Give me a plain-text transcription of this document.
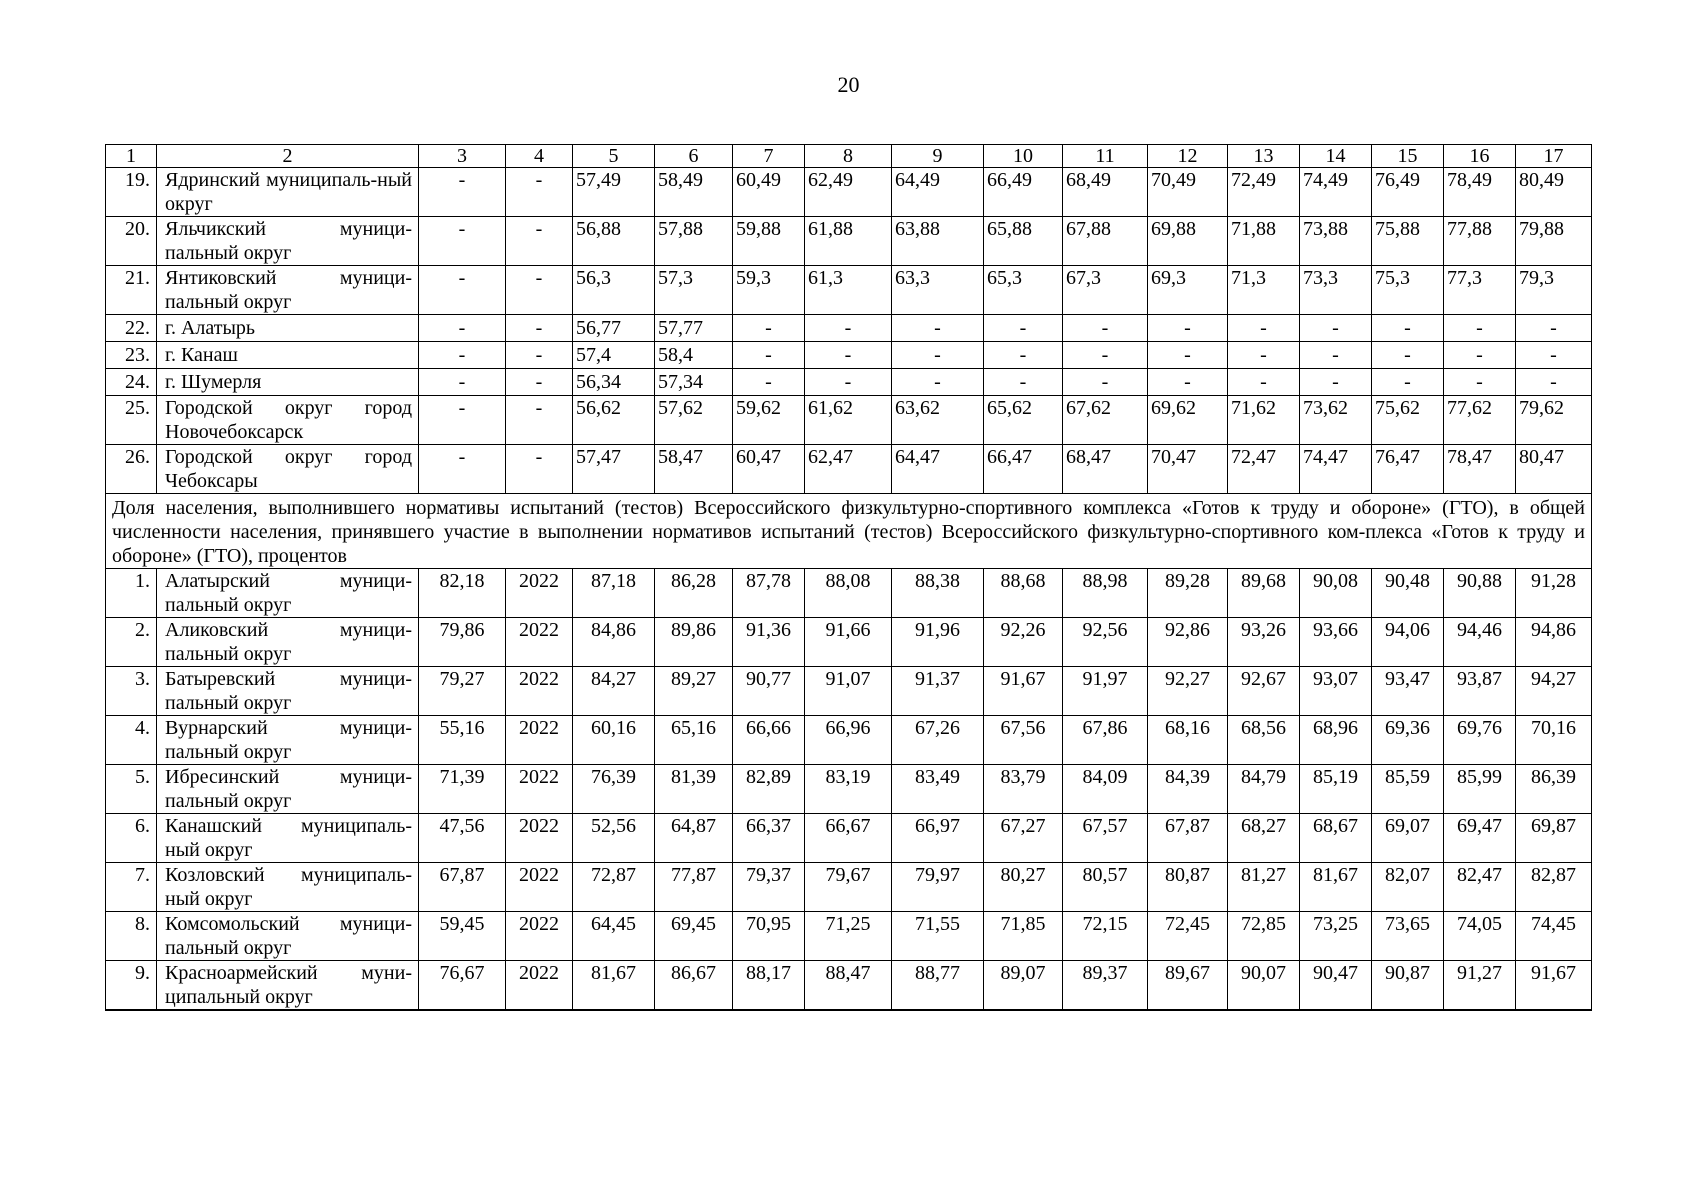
20
1	2	3	4	5	6	7	8	9	10	11	12	13	14	15	16	17
19.	Ядринский муниципаль-ный округ	-	-	57,49	58,49	60,49	62,49	64,49	66,49	68,49	70,49	72,49	74,49	76,49	78,49	80,49
20.	Яльчикский муници-пальный округ	-	-	56,88	57,88	59,88	61,88	63,88	65,88	67,88	69,88	71,88	73,88	75,88	77,88	79,88
21.	Янтиковский муници-пальный округ	-	-	56,3	57,3	59,3	61,3	63,3	65,3	67,3	69,3	71,3	73,3	75,3	77,3	79,3
22.	г. Алатырь	-	-	56,77	57,77	-	-	-	-	-	-	-	-	-	-	-
23.	г. Канаш	-	-	57,4	58,4	-	-	-	-	-	-	-	-	-	-	-
24.	г. Шумерля	-	-	56,34	57,34	-	-	-	-	-	-	-	-	-	-	-
25.	Городской округ город Новочебоксарск	-	-	56,62	57,62	59,62	61,62	63,62	65,62	67,62	69,62	71,62	73,62	75,62	77,62	79,62
26.	Городской округ город Чебоксары	-	-	57,47	58,47	60,47	62,47	64,47	66,47	68,47	70,47	72,47	74,47	76,47	78,47	80,47
Доля населения, выполнившего нормативы испытаний (тестов) Всероссийского физкультурно-спортивного комплекса «Готов к труду и обороне» (ГТО), в общей численности населения, принявшего участие в выполнении нормативов испытаний (тестов) Всероссийского физкультурно-спортивного ком-плекса «Готов к труду и обороне» (ГТО), процентов																
1.	Алатырский муници-пальный округ	82,18	2022	87,18	86,28	87,78	88,08	88,38	88,68	88,98	89,28	89,68	90,08	90,48	90,88	91,28
2.	Аликовский муници-пальный округ	79,86	2022	84,86	89,86	91,36	91,66	91,96	92,26	92,56	92,86	93,26	93,66	94,06	94,46	94,86
3.	Батыревский муници-пальный округ	79,27	2022	84,27	89,27	90,77	91,07	91,37	91,67	91,97	92,27	92,67	93,07	93,47	93,87	94,27
4.	Вурнарский муници-пальный округ	55,16	2022	60,16	65,16	66,66	66,96	67,26	67,56	67,86	68,16	68,56	68,96	69,36	69,76	70,16
5.	Ибресинский муници-пальный округ	71,39	2022	76,39	81,39	82,89	83,19	83,49	83,79	84,09	84,39	84,79	85,19	85,59	85,99	86,39
6.	Канашский муниципаль-ный округ	47,56	2022	52,56	64,87	66,37	66,67	66,97	67,27	67,57	67,87	68,27	68,67	69,07	69,47	69,87
7.	Козловский муниципаль-ный округ	67,87	2022	72,87	77,87	79,37	79,67	79,97	80,27	80,57	80,87	81,27	81,67	82,07	82,47	82,87
8.	Комсомольский муници-пальный округ	59,45	2022	64,45	69,45	70,95	71,25	71,55	71,85	72,15	72,45	72,85	73,25	73,65	74,05	74,45
9.	Красноармейский муни-ципальный округ	76,67	2022	81,67	86,67	88,17	88,47	88,77	89,07	89,37	89,67	90,07	90,47	90,87	91,27	91,67
